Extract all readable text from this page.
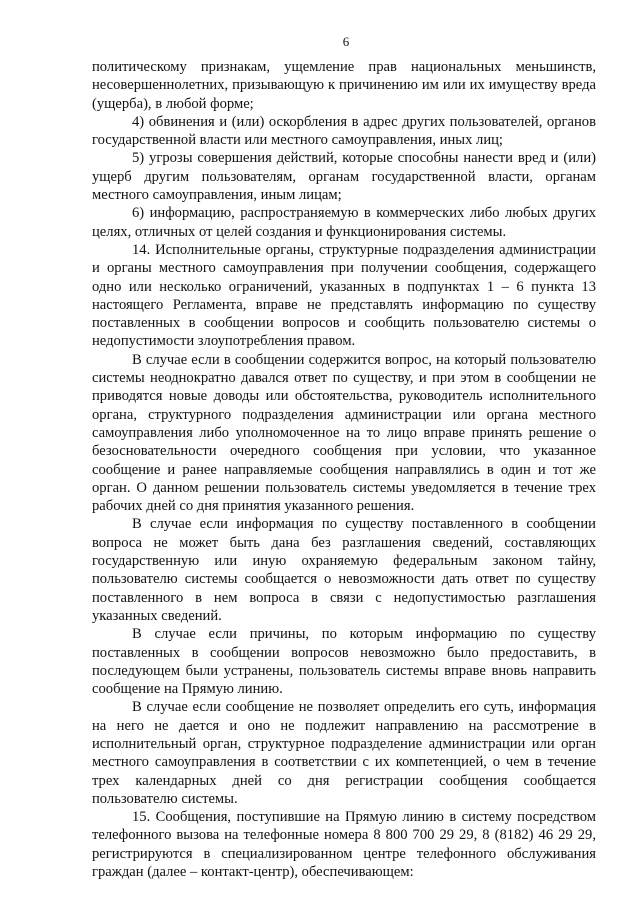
6

политическому признакам, ущемление прав национальных меньшинств, несовершеннолетних, призывающую к причинению им или их имуществу вреда (ущерба), в любой форме;

4) обвинения и (или) оскорбления в адрес других пользователей, органов государственной власти или местного самоуправления, иных лиц;

5) угрозы совершения действий, которые способны нанести вред и (или) ущерб другим пользователям, органам государственной власти, органам местного самоуправления, иным лицам;

6) информацию, распространяемую в коммерческих либо любых других целях, отличных от целей создания и функционирования системы.

14. Исполнительные органы, структурные подразделения администрации и органы местного самоуправления при получении сообщения, содержащего одно или несколько ограничений, указанных в подпунктах 1 – 6 пункта 13 настоящего Регламента, вправе не представлять информацию по существу поставленных в сообщении вопросов и сообщить пользователю системы о недопустимости злоупотребления правом.

В случае если в сообщении содержится вопрос, на который пользователю системы неоднократно давался ответ по существу, и при этом в сообщении не приводятся новые доводы или обстоятельства, руководитель исполнительного органа, структурного подразделения администрации или органа местного самоуправления либо уполномоченное на то лицо вправе принять решение о безосновательности очередного сообщения при условии, что указанное сообщение и ранее направляемые сообщения направлялись в один и тот же орган. О данном решении пользователь системы уведомляется в течение трех рабочих дней со дня принятия указанного решения.

В случае если информация по существу поставленного в сообщении вопроса не может быть дана без разглашения сведений, составляющих государственную или иную охраняемую федеральным законом тайну, пользователю системы сообщается о невозможности дать ответ по существу поставленного в нем вопроса в связи с недопустимостью разглашения указанных сведений.

В случае если причины, по которым информацию по существу поставленных в сообщении вопросов невозможно было предоставить, в последующем были устранены, пользователь системы вправе вновь направить сообщение на Прямую линию.

В случае если сообщение не позволяет определить его суть, информация на него не дается и оно не подлежит направлению на рассмотрение в исполнительный орган, структурное подразделение администрации или орган местного самоуправления в соответствии с их компетенцией, о чем в течение трех календарных дней со дня регистрации сообщения сообщается пользователю системы.

15. Сообщения, поступившие на Прямую линию в систему посредством телефонного вызова на телефонные номера 8 800 700 29 29, 8 (8182) 46 29 29, регистрируются в специализированном центре телефонного обслуживания граждан (далее – контакт-центр), обеспечивающем:
